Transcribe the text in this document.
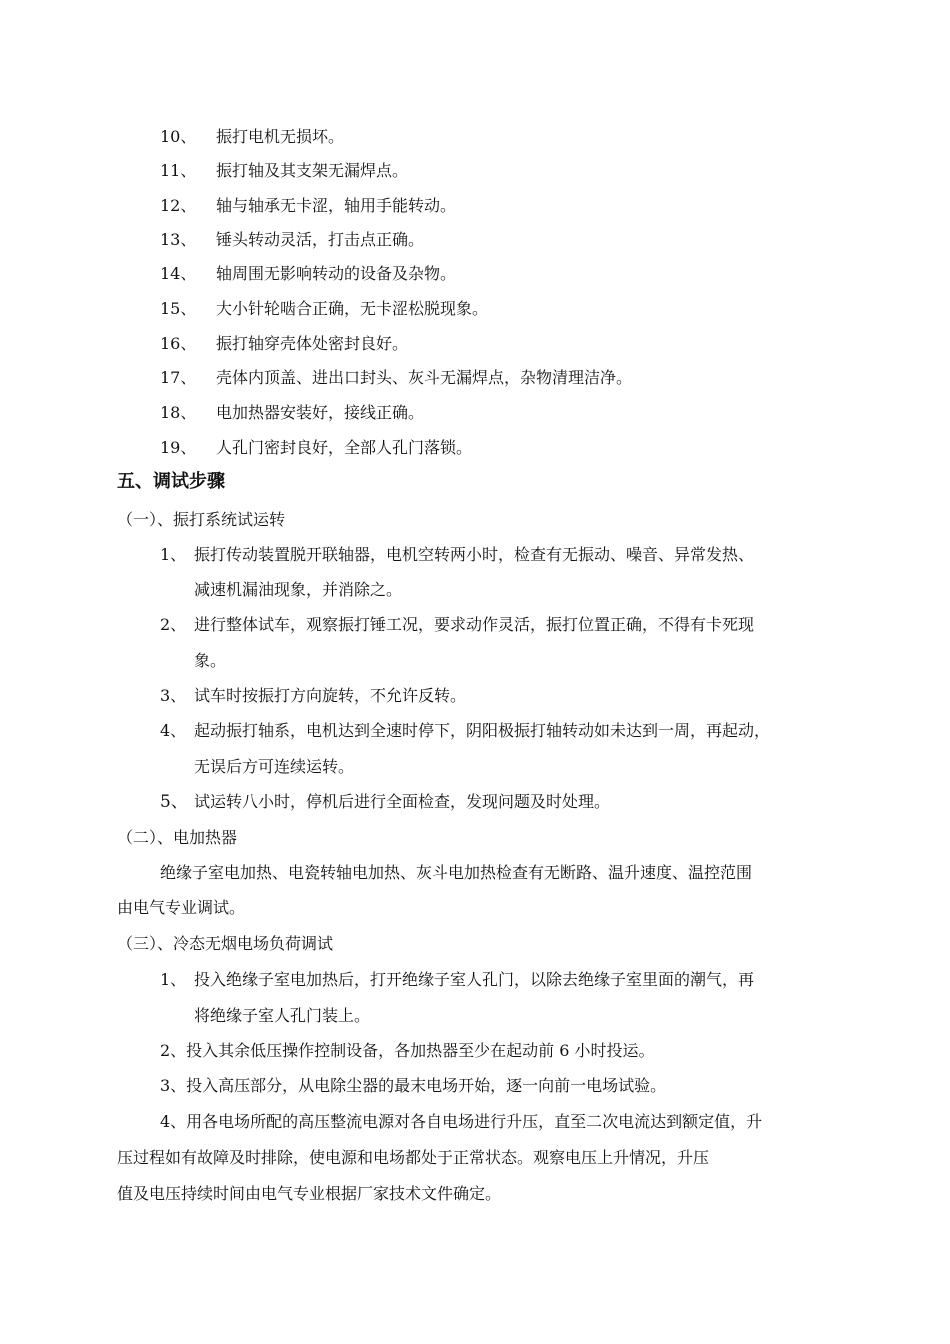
10、 振打电机无损坏。
11、 振打轴及其支架无漏焊点。
12、 轴与轴承无卡涩，轴用手能转动。
13、 锤头转动灵活，打击点正确。
14、 轴周围无影响转动的设备及杂物。
15、 大小针轮啮合正确，无卡涩松脱现象。
16、 振打轴穿壳体处密封良好。
17、 壳体内顶盖、进出口封头、灰斗无漏焊点，杂物清理洁净。
18、 电加热器安装好，接线正确。
19、 人孔门密封良好，全部人孔门落锁。
五、调试步骤
（一）、振打系统试运转
1、 振打传动装置脱开联轴器，电机空转两小时，检查有无振动、噪音、异常发热、
减速机漏油现象，并消除之。
2、 进行整体试车，观察振打锤工况，要求动作灵活，振打位置正确，不得有卡死现
象。
3、 试车时按振打方向旋转，不允许反转。
4、 起动振打轴系，电机达到全速时停下，阴阳极振打轴转动如未达到一周，再起动，
无误后方可连续运转。
5、 试运转八小时，停机后进行全面检查，发现问题及时处理。
（二）、电加热器
绝缘子室电加热、电瓷转轴电加热、灰斗电加热检查有无断路、温升速度、温控范围
由电气专业调试。
（三）、冷态无烟电场负荷调试
1、 投入绝缘子室电加热后，打开绝缘子室人孔门，以除去绝缘子室里面的潮气，再
将绝缘子室人孔门装上。
2、投入其余低压操作控制设备，各加热器至少在起动前 6 小时投运。
3、投入高压部分，从电除尘器的最末电场开始，逐一向前一电场试验。
4、用各电场所配的高压整流电源对各自电场进行升压，直至二次电流达到额定值，升
压过程如有故障及时排除，使电源和电场都处于正常状态。观察电压上升情况，升压
值及电压持续时间由电气专业根据厂家技术文件确定。
